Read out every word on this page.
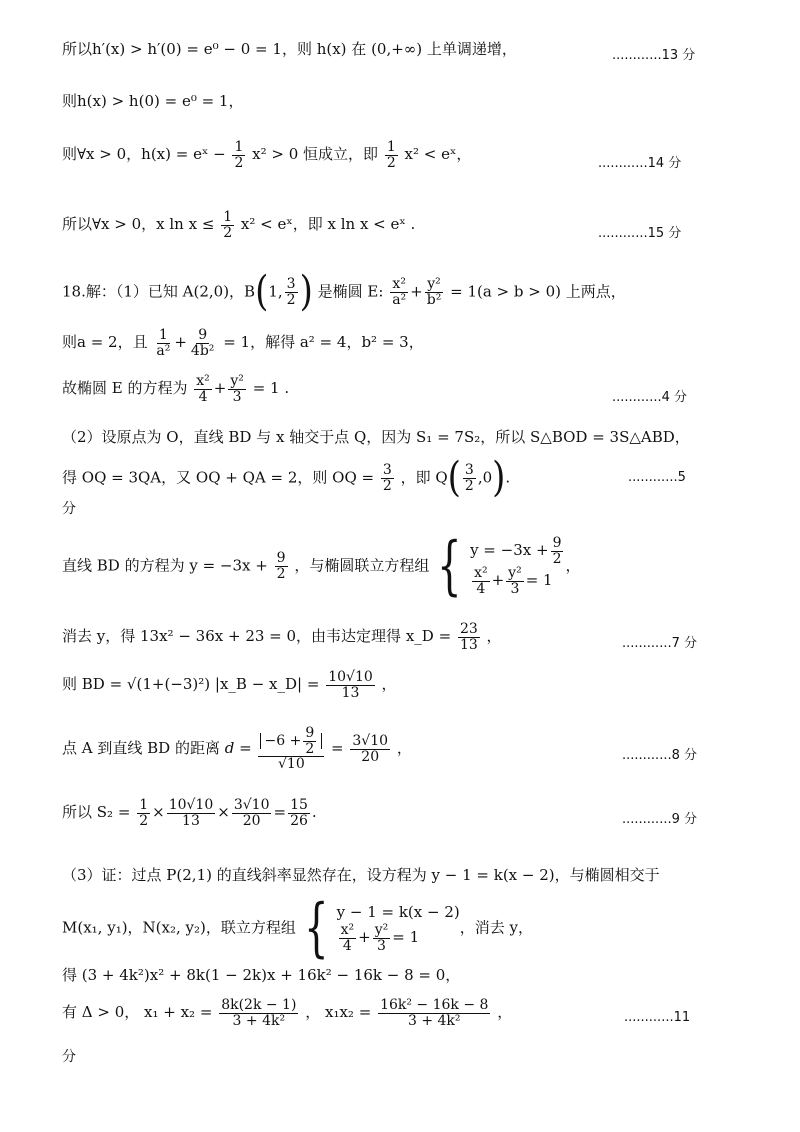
所以h′(x) > h′(0) = e⁰ − 0 = 1，则 h(x) 在 (0,+∞) 上单调递增，	............13 分
则h(x) > h(0) = e⁰ = 1，
则∀x > 0，h(x) = eˣ − $\frac{1}{2} x^2 > 0$ 恒成立，即 $\frac{1}{2} x^2$ < eˣ，
............14 分
所以∀x > 0，x $\ln x \le \frac{1}{2} x^2$ < eˣ，即 x ln x < eˣ .
............15 分
18.解：（1）已知 A(2,0)，B(1, $\frac{3}{2}$ ) 是椭圆 E: $\frac{\text{x²}}{\text{a²}} + \frac{\text{y²}}{\text{b²}} = 1(a > b > 0)$ 上两点，
则a = 2，且 $\frac{1}{\text{a²}} + \frac{9}{\text{4b²}} = 1$，解得 a² = 4，b² = 3，
故椭圆 E 的方程为 $\frac{\text{x²}}{4} + \frac{\text{y²}}{3} = 1$ .
............4 分
（2）设原点为 O，直线 BD 与 x 轴交于点 Q，因为 S₁ = 7S₂，所以 S△BOD = 3S△ABD，
得 OQ = 3QA，又 OQ + QA = 2，则 OQ = $\frac{3}{2}$ ，即 $Q( \frac{3}{2} ,0)$.	............5
分
直线 BD 的方程为 $y = -3x + \frac{9}{2}$ ，与椭圆联立方程组 { $y = -3x + \frac{9}{2}$
$\frac{\text{x²}}{4} + \frac{\text{y²}}{3} = 1$
，
消去 y，得 13x² − 36x + 23 = 0，由韦达定理得 x_D = $\frac{23}{13}$ ，	............7 分
则 BD = √(1+(−3)²) |x_B − x_D| = $\frac{10√10}{13}$ ，
点 A 到直线 BD 的距离 $d = \frac{-6 + \frac{9}{2}}{√10} = \frac{3√10}{20}$ ，	............8 分
所以 $S_2 = \frac{1}{2} \times \frac{10√10}{13} \times \frac{3√10}{20} = \frac{15}{26}$ .	............9 分
（3）证：过点 P(2,1) 的直线斜率显然存在，设方程为 y − 1 = k(x − 2)，与椭圆相交于
M(x₁, y₁)，N(x₂, y₂)，联立方程组 { y − 1 = k(x − 2)
$\frac{\text{x²}}{4} + \frac{\text{y²}}{3} = 1$
，消去 y，
得 (3 + 4k²)x² + 8k(1 − 2k)x + 16k² − 16k − 8 = 0，
有 Δ > 0， $x_1 + x_2 = \frac{8k(2k - 1)}{\text{3 + 4k²}}$ ， $x_1x_2 = \frac{\text{16k² − 16k − 8}}{\text{3 + 4k²}}$ ，	............11
分
